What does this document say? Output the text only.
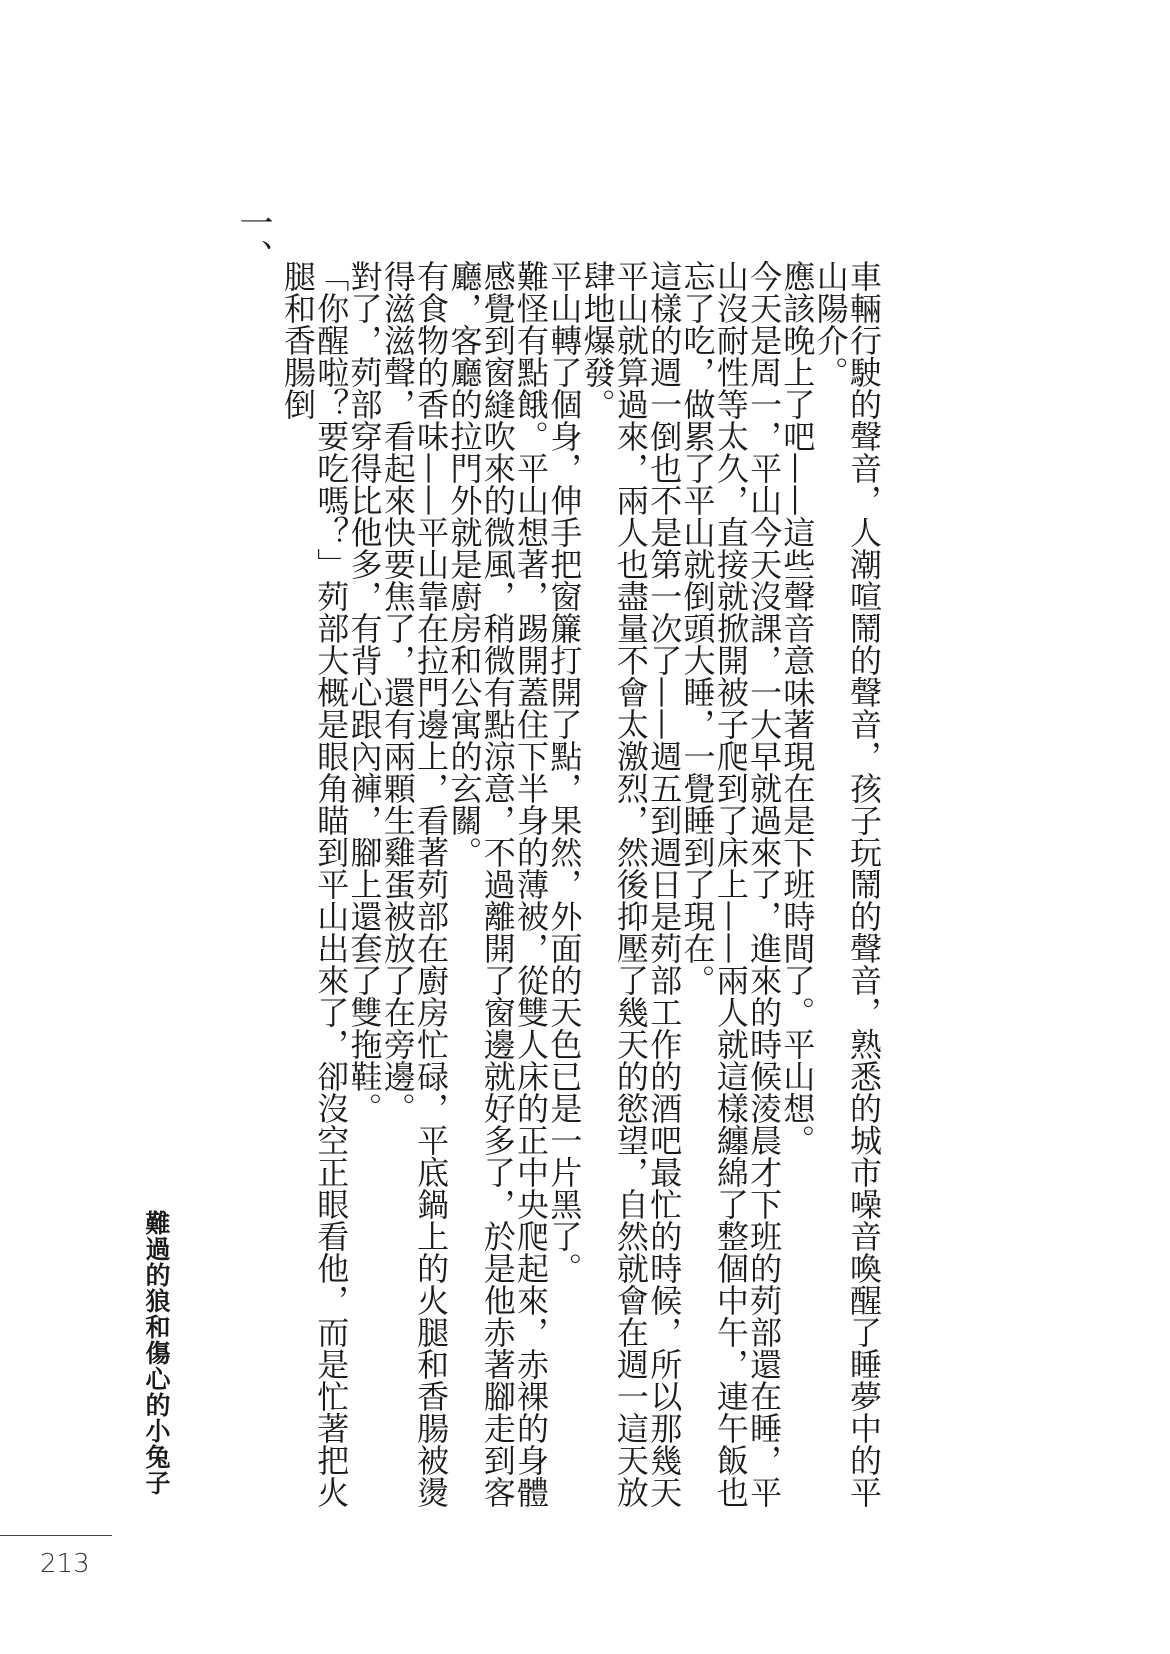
一、

車輛行駛的聲音，人潮喧鬧的聲音，孩子玩鬧的聲音，熟悉的城市噪音喚醒了睡夢中的平山陽介。

應該晚上了吧——這些聲音意味著現在是下班時間了。平山想。

今天是周一，平山今天沒課，一大早就過來了，進來的時候淩晨才下班的茢部還在睡，平山沒耐性等太久，直接就掀開被子爬到了床上——兩人就這樣纏綿了整個中午，連午飯也忘了吃，做累了平山就倒頭大睡，一覺睡到了現在。

這樣的週一倒也不是第一次了——週五到週日是茢部工作的酒吧最忙的時候，所以那幾天平山就算過來，兩人也盡量不會太激烈，然後抑壓了幾天的慾望，自然就會在週一這天放肆地爆發。

平山轉了個身，伸手把窗簾打開了點，果然，外面的天色已是一片黑了。

難怪有點餓。平山想著，踢開蓋住下半身的薄被，從雙人床的正中央爬起來，赤裸的身體感覺到窗縫吹來的微風，稍微有點涼意，不過離開了窗邊就好多了，於是他赤著腳走到客廳，客廳的拉門外就是廚房和公寓的玄關。

有食物的香味——平山靠在拉門邊上，看著茢部在廚房忙碌，平底鍋上的火腿和香腸被燙得滋滋聲，看起來快要焦了，還有兩顆生雞蛋被放了在旁邊。

對了，茢部穿得比他多，有背心跟內褲，腳上還套了雙拖鞋。

「你醒啦？要吃嗎？」茢部大概是眼角瞄到平山出來了，卻沒空正眼看他，而是忙著把火腿和香腸倒

難過的狼和傷心的小兔子
213
